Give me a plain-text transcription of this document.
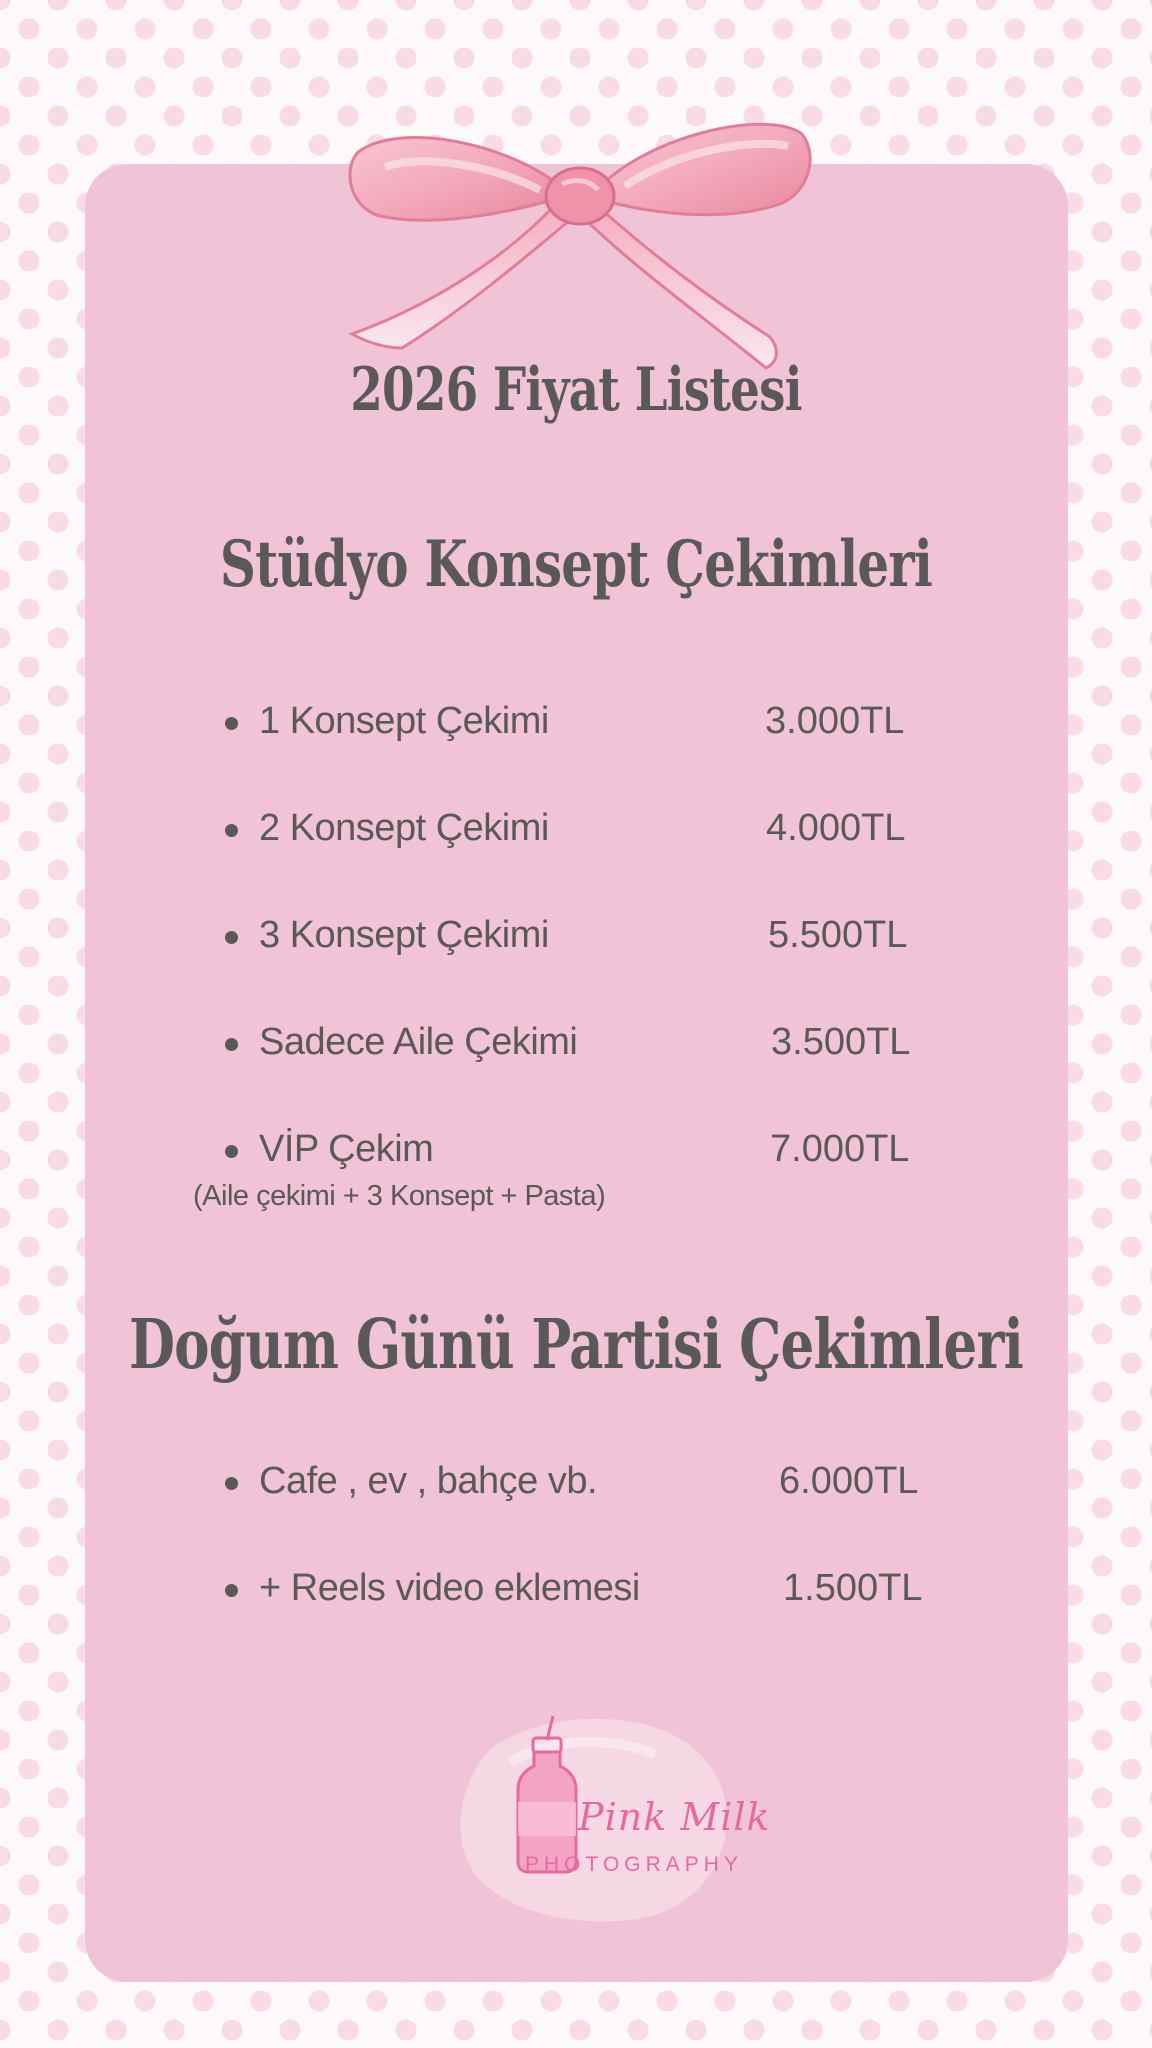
2026 Fiyat Listesi
Stüdyo Konsept Çekimleri
1 Konsept Çekimi	3.000TL
2 Konsept Çekimi	4.000TL
3 Konsept Çekimi	5.500TL
Sadece Aile Çekimi	3.500TL
VİP Çekim	7.000TL
(Aile çekimi + 3 Konsept + Pasta)
Doğum Günü Partisi Çekimleri
Cafe , ev , bahçe vb.	6.000TL
+ Reels video eklemesi	1.500TL
Pink Milk
PHOTOGRAPHY
